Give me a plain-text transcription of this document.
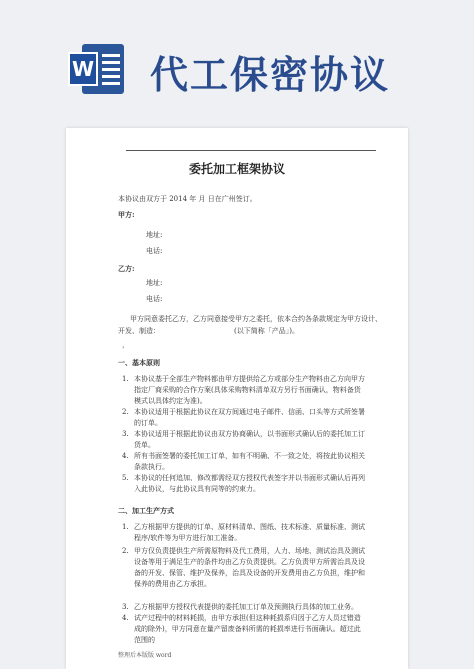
W 代工保密协议
委托加工框架协议
本协议由双方于 2014 年 月 日在广州签订。
甲方:
地址:
电话:
乙方:
地址:
电话:
甲方同意委托乙方，乙方同意接受甲方之委托，依本合约各条款规定为甲方设计、
开发、制造：	(以下简称「产品」)。
，
一、基本原则
1. 本协议基于全部生产物料都由甲方提供给乙方或部分生产物料由乙方向甲方指定厂商采购的合作方案(具体采购物料清单双方另行书面确认，物料备货模式以具体约定为准)。
2. 本协议适用于根据此协议在双方间通过电子邮件、信函、口头等方式所签署的订单。
3. 本协议适用于根据此协议由双方协商确认，以书面形式确认后的委托加工订货单。
4. 所有书面签署的委托加工订单，如有不明确、不一致之处，将按此协议相关条款执行。
5. 本协议的任何追加、修改都需经双方授权代表签字并以书面形式确认后再列入此协议，与此协议具有同等的约束力。
二、加工生产方式
1. 乙方根据甲方提供的订单、原材料清单、图纸、技术标准、质量标准、测试程序/软件等为甲方进行加工准备。
2. 甲方仅负责提供生产所需原物料及代工费用，人力、场地、测试治具及测试设备等用于满足生产的条件均由乙方负责提供。乙方负责甲方所需治具及设备的开发、保管、维护及保养，治具及设备的开发费用由乙方负担，维护和保养的费用由乙方承担。
3. 乙方根据甲方授权代表提供的委托加工订单及预测执行具体的加工业务。
4. 试产过程中的材料耗损，由甲方承担(但这种耗损系归因于乙方人员过错造成的除外)，甲方同意在量产留废备料所需的耗损率进行书面确认。超过此范围的
整理后本版版 word
